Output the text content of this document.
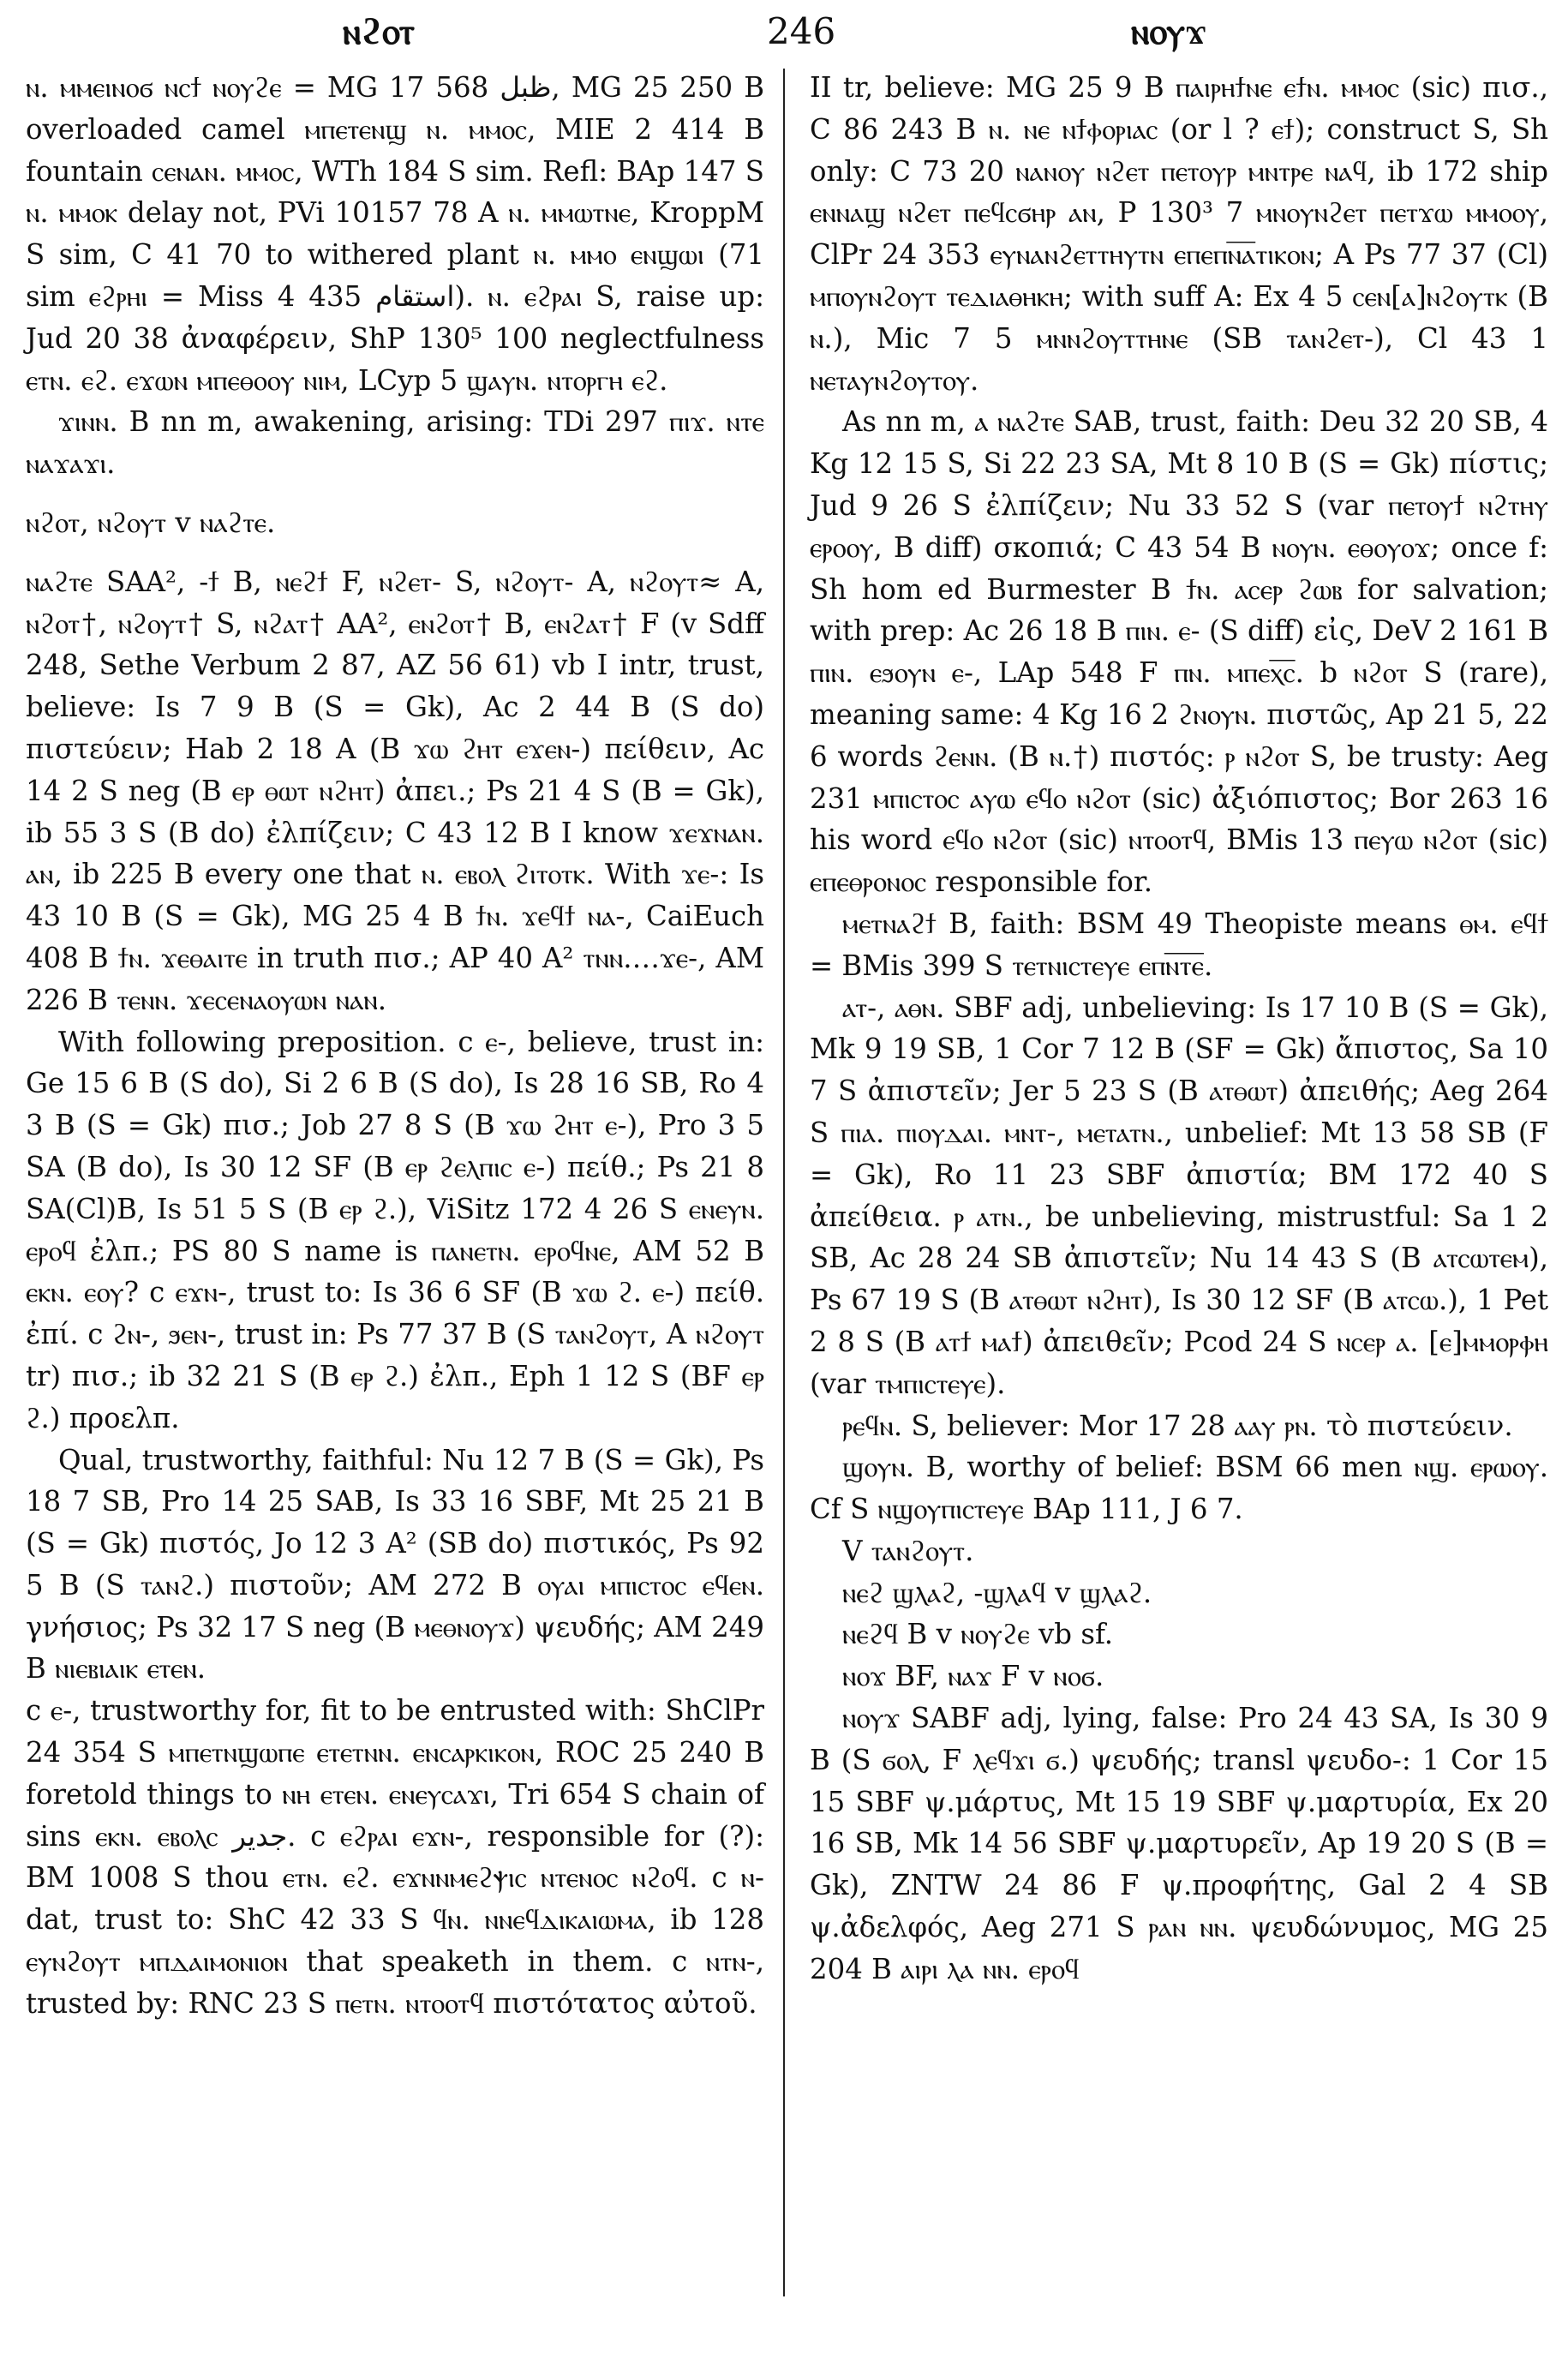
ⲛϩⲟⲧ	246	ⲛⲟⲩϫ

ⲛ. ⲙⲙⲉⲓⲛⲟϭ ⲛⲥϯ ⲛⲟⲩϩⲉ = MG 17 568 ﻇﺒﻞ, MG 25 250 B overloaded camel ⲙⲡⲉⲧⲉⲛϣ ⲛ. ⲙⲙⲟⲥ, MIE 2 414 B fountain ⲥⲉⲛⲁⲛ. ⲙⲙⲟⲥ, WTh 184 S sim. Refl: BAp 147 S ⲛ. ⲙⲙⲟⲕ delay not, PVi 10157 78 A ⲛ. ⲙⲙⲱⲧⲛⲉ, KroppM S sim, C 41 70 to withered plant ⲛ. ⲙⲙⲟ ⲉⲛϣⲱⲓ (71 sim ⲉϩⲣⲏⲓ = Miss 4 435 ﺍﺳﺘﻘﺎﻡ). ⲛ. ⲉϩⲣⲁⲓ S, raise up: Jud 20 38 ἀναφέρειν, ShP 130⁵ 100 neglectfulness ⲉⲧⲛ. ⲉϩ. ⲉϫⲱⲛ ⲙⲡⲉⲑⲟⲟⲩ ⲛⲓⲙ, LCyp 5 ϣⲁⲩⲛ. ⲛⲧⲟⲣⲅⲏ ⲉϩ.

ϫⲓⲛⲛ. B nn m, awakening, arising: TDi 297 ⲡⲓϫ. ⲛⲧⲉ ⲛⲁϫⲁϫⲓ.

ⲛϩⲟⲧ, ⲛϩⲟⲩⲧ v ⲛⲁϩⲧⲉ.

ⲛⲁϩⲧⲉ SAA², -ϯ B, ⲛⲉϩϯ F, ⲛϩⲉⲧ- S, ⲛϩⲟⲩⲧ- A, ⲛϩⲟⲩⲧ≈ A, ⲛϩⲟⲧ†, ⲛϩⲟⲩⲧ† S, ⲛϩⲁⲧ† AA², ⲉⲛϩⲟⲧ† B, ⲉⲛϩⲁⲧ† F (v Sdff 248, Sethe Verbum 2 87, AZ 56 61) vb I intr, trust, believe: Is 7 9 B (S = Gk), Ac 2 44 B (S do) πιστεύειν; Hab 2 18 A (B ϫⲱ ϩⲏⲧ ⲉϫⲉⲛ-) πείθειν, Ac 14 2 S neg (B ⲉⲣ ⲑⲱⲧ ⲛϩⲏⲧ) ἀπει.; Ps 21 4 S (B = Gk), ib 55 3 S (B do) ἐλπίζειν; C 43 12 B I know ϫⲉϫⲛⲁⲛ. ⲁⲛ, ib 225 B every one that ⲛ. ⲉⲃⲟⲗ ϩⲓⲧⲟⲧⲕ. With ϫⲉ-: Is 43 10 B (S = Gk), MG 25 4 B ϯⲛ. ϫⲉϥϯ ⲛⲁ-, CaiEuch 408 B ϯⲛ. ϫⲉⲑⲁⲓⲧⲉ in truth πισ.; AP 40 A² ⲧⲛⲛ.…ϫⲉ-, AM 226 B ⲧⲉⲛⲛ. ϫⲉⲥⲉⲛⲁⲟⲩⲱⲛ ⲛⲁⲛ.

With following preposition. c ⲉ-, believe, trust in: Ge 15 6 B (S do), Si 2 6 B (S do), Is 28 16 SB, Ro 4 3 B (S = Gk) πισ.; Job 27 8 S (B ϫⲱ ϩⲏⲧ ⲉ-), Pro 3 5 SA (B do), Is 30 12 SF (B ⲉⲣ ϩⲉⲗⲡⲓⲥ ⲉ-) πείθ.; Ps 21 8 SA(Cl)B, Is 51 5 S (B ⲉⲣ ϩ.), ViSitz 172 4 26 S ⲉⲛⲉⲩⲛ. ⲉⲣⲟϥ ἐλπ.; PS 80 S name is ⲡⲁⲛⲉⲧⲛ. ⲉⲣⲟϥⲛⲉ, AM 52 B ⲉⲕⲛ. ⲉⲟⲩ? c ⲉϫⲛ-, trust to: Is 36 6 SF (B ϫⲱ ϩ. ⲉ-) πείθ. ἐπί. c ϩⲛ-, ϧⲉⲛ-, trust in: Ps 77 37 B (S ⲧⲁⲛϩⲟⲩⲧ, A ⲛϩⲟⲩⲧ tr) πισ.; ib 32 21 S (B ⲉⲣ ϩ.) ἐλπ., Eph 1 12 S (BF ⲉⲣ ϩ.) προελπ.

Qual, trustworthy, faithful: Nu 12 7 B (S = Gk), Ps 18 7 SB, Pro 14 25 SAB, Is 33 16 SBF, Mt 25 21 B (S = Gk) πιστός, Jo 12 3 A² (SB do) πιστικός, Ps 92 5 B (S ⲧⲁⲛϩ.) πιστοῦν; AM 272 B ⲟⲩⲁⲓ ⲙⲡⲓⲥⲧⲟⲥ ⲉϥⲉⲛ. γνήσιος; Ps 32 17 S neg (B ⲙⲉⲑⲛⲟⲩϫ) ψευδής; AM 249 B ⲛⲓⲉⲃⲓⲁⲓⲕ ⲉⲧⲉⲛ.

c ⲉ-, trustworthy for, fit to be entrusted with: ShClPr 24 354 S ⲙⲡⲉⲧⲛϣⲱⲡⲉ ⲉⲧⲉⲧⲛⲛ. ⲉⲛⲥⲁⲣⲕⲓⲕⲟⲛ, ROC 25 240 B foretold things to ⲛⲏ ⲉⲧⲉⲛ. ⲉⲛⲉⲩⲥⲁϫⲓ, Tri 654 S chain of sins ⲉⲕⲛ. ⲉⲃⲟⲗⲥ ﺟﺪﻳﺮ. c ⲉϩⲣⲁⲓ ⲉϫⲛ-, responsible for (?): BM 1008 S thou ⲉⲧⲛ. ⲉϩ. ⲉϫⲛⲛⲙⲉϩⲯⲓⲥ ⲛⲧⲉⲛⲟⲥ ⲛϩⲟϥ. c ⲛ- dat, trust to: ShC 42 33 S ϥⲛ. ⲛⲛⲉϥⲇⲓⲕⲁⲓⲱⲙⲁ, ib 128 ⲉⲩⲛϩⲟⲩⲧ ⲙⲡⲇⲁⲓⲙⲟⲛⲓⲟⲛ that speaketh in them. c ⲛⲧⲛ-, trusted by: RNC 23 S ⲡⲉⲧⲛ. ⲛⲧⲟⲟⲧϥ πιστότατος αὐτοῦ.

II tr, believe: MG 25 9 B ⲡⲁⲓⲣⲏϯⲛⲉ ⲉϯⲛ. ⲙⲙⲟⲥ (sic) πισ., C 86 243 B ⲛ. ⲛⲉ ⲛϯⲫⲟⲣⲓⲁⲥ (or l ? ⲉϯ); construct S, Sh only: C 73 20 ⲛⲁⲛⲟⲩ ⲛϩⲉⲧ ⲡⲉⲧⲟⲩⲣ ⲙⲛⲧⲣⲉ ⲛⲁϥ, ib 172 ship ⲉⲛⲛⲁϣ ⲛϩⲉⲧ ⲡⲉϥⲥϭⲏⲣ ⲁⲛ, P 130³ 7 ⲙⲛⲟⲩⲛϩⲉⲧ ⲡⲉⲧϫⲱ ⲙⲙⲟⲟⲩ, ClPr 24 353 ⲉⲩⲛⲁⲛϩⲉⲧⲧⲏⲩⲧⲛ ⲉⲡⲉⲡⲛ̅ⲁ̅ⲧⲓⲕⲟⲛ; A Ps 77 37 (Cl) ⲙⲡⲟⲩⲛϩⲟⲩⲧ ⲧⲉⲇⲓⲁⲑⲏⲕⲏ; with suff A: Ex 4 5 ⲥⲉⲛ[ⲁ]ⲛϩⲟⲩⲧⲕ (B ⲛ.), Mic 7 5 ⲙⲛⲛϩⲟⲩⲧⲧⲏⲛⲉ (SB ⲧⲁⲛϩⲉⲧ-), Cl 43 1 ⲛⲉⲧⲁⲩⲛϩⲟⲩⲧⲟⲩ.

As nn m, ⲁ ⲛⲁϩⲧⲉ SAB, trust, faith: Deu 32 20 SB, 4 Kg 12 15 S, Si 22 23 SA, Mt 8 10 B (S = Gk) πίστις; Jud 9 26 S ἐλπίζειν; Nu 33 52 S (var ⲡⲉⲧⲟⲩϯ ⲛϩⲧⲏⲩ ⲉⲣⲟⲟⲩ, B diff) σκοπιά; C 43 54 B ⲛⲟⲩⲛ. ⲉⲑⲟⲩⲟϫ; once f: Sh hom ed Burmester B ϯⲛ. ⲁⲥⲉⲣ ϩⲱⲃ for salvation; with prep: Ac 26 18 B ⲡⲓⲛ. ⲉ- (S diff) εἰς, DeV 2 161 B ⲡⲓⲛ. ⲉϧⲟⲩⲛ ⲉ-, LAp 548 F ⲡⲛ. ⲙⲡⲉⲭ̅ⲥ̅. b ⲛϩⲟⲧ S (rare), meaning same: 4 Kg 16 2 ϩⲛⲟⲩⲛ. πιστῶς, Ap 21 5, 22 6 words ϩⲉⲛⲛ. (B ⲛ.†) πιστός: ⲣ ⲛϩⲟⲧ S, be trusty: Aeg 231 ⲙⲡⲓⲥⲧⲟⲥ ⲁⲩⲱ ⲉϥⲟ ⲛϩⲟⲧ (sic) ἀξιόπιστος; Bor 263 16 his word ⲉϥⲟ ⲛϩⲟⲧ (sic) ⲛⲧⲟⲟⲧϥ, BMis 13 ⲡⲉⲩⲱ ⲛϩⲟⲧ (sic) ⲉⲡⲉⲑⲣⲟⲛⲟⲥ responsible for.

ⲙⲉⲧⲛⲁϩϯ B, faith: BSM 49 Theopiste means ⲑⲙ. ⲉϥϯ = BMis 399 S ⲧⲉⲧⲛⲓⲥⲧⲉⲩⲉ ⲉⲡⲛ̅ⲧ̅ⲉ̅.

ⲁⲧ-, ⲁⲑⲛ. SBF adj, unbelieving: Is 17 10 B (S = Gk), Mk 9 19 SB, 1 Cor 7 12 B (SF = Gk) ἄπιστος, Sa 10 7 S ἀπιστεῖν; Jer 5 23 S (B ⲁⲧⲑⲱⲧ) ἀπειθής; Aeg 264 S ⲡⲓⲁ. ⲡⲓⲟⲩⲇⲁⲓ. ⲙⲛⲧ-, ⲙⲉⲧⲁⲧⲛ., unbelief: Mt 13 58 SB (F = Gk), Ro 11 23 SBF ἀπιστία; BM 172 40 S ἀπείθεια. ⲣ ⲁⲧⲛ., be unbelieving, mistrustful: Sa 1 2 SB, Ac 28 24 SB ἀπιστεῖν; Nu 14 43 S (B ⲁⲧⲥⲱⲧⲉⲙ), Ps 67 19 S (B ⲁⲧⲑⲱⲧ ⲛϩⲏⲧ), Is 30 12 SF (B ⲁⲧⲥⲱ.), 1 Pet 2 8 S (B ⲁⲧϯ ⲙⲁϯ) ἀπειθεῖν; Pcod 24 S ⲛⲥⲉⲣ ⲁ. [ⲉ]ⲙⲙⲟⲣⲫⲏ (var ⲧⲙⲡⲓⲥⲧⲉⲩⲉ).

ⲣⲉϥⲛ. S, believer: Mor 17 28 ⲁⲁⲩ ⲣⲛ. τὸ πιστεύειν.

ϣⲟⲩⲛ. B, worthy of belief: BSM 66 men ⲛϣ. ⲉⲣⲱⲟⲩ. Cf S ⲛϣⲟⲩⲡⲓⲥⲧⲉⲩⲉ BAp 111, J 6 7.

V ⲧⲁⲛϩⲟⲩⲧ.

ⲛⲉϩ ϣⲗⲁϩ, -ϣⲗⲁϥ v ϣⲗⲁϩ.

ⲛⲉϩϥ B v ⲛⲟⲩϩⲉ vb sf.

ⲛⲟϫ BF, ⲛⲁϫ F v ⲛⲟϭ.

ⲛⲟⲩϫ SABF adj, lying, false: Pro 24 43 SA, Is 30 9 B (S ϭⲟⲗ, F ⲗⲉϥϫⲓ ϭ.) ψευδής; transl ψευδο-: 1 Cor 15 15 SBF ψ.μάρτυς, Mt 15 19 SBF ψ.μαρτυρία, Ex 20 16 SB, Mk 14 56 SBF ψ.μαρτυρεῖν, Ap 19 20 S (B = Gk), ZNTW 24 86 F ψ.προφήτης, Gal 2 4 SB ψ.ἀδελφός, Aeg 271 S ⲣⲁⲛ ⲛⲛ. ψευδώνυμος, MG 25 204 B ⲁⲓⲣⲓ ⲗⲁ ⲛⲛ. ⲉⲣⲟϥ
